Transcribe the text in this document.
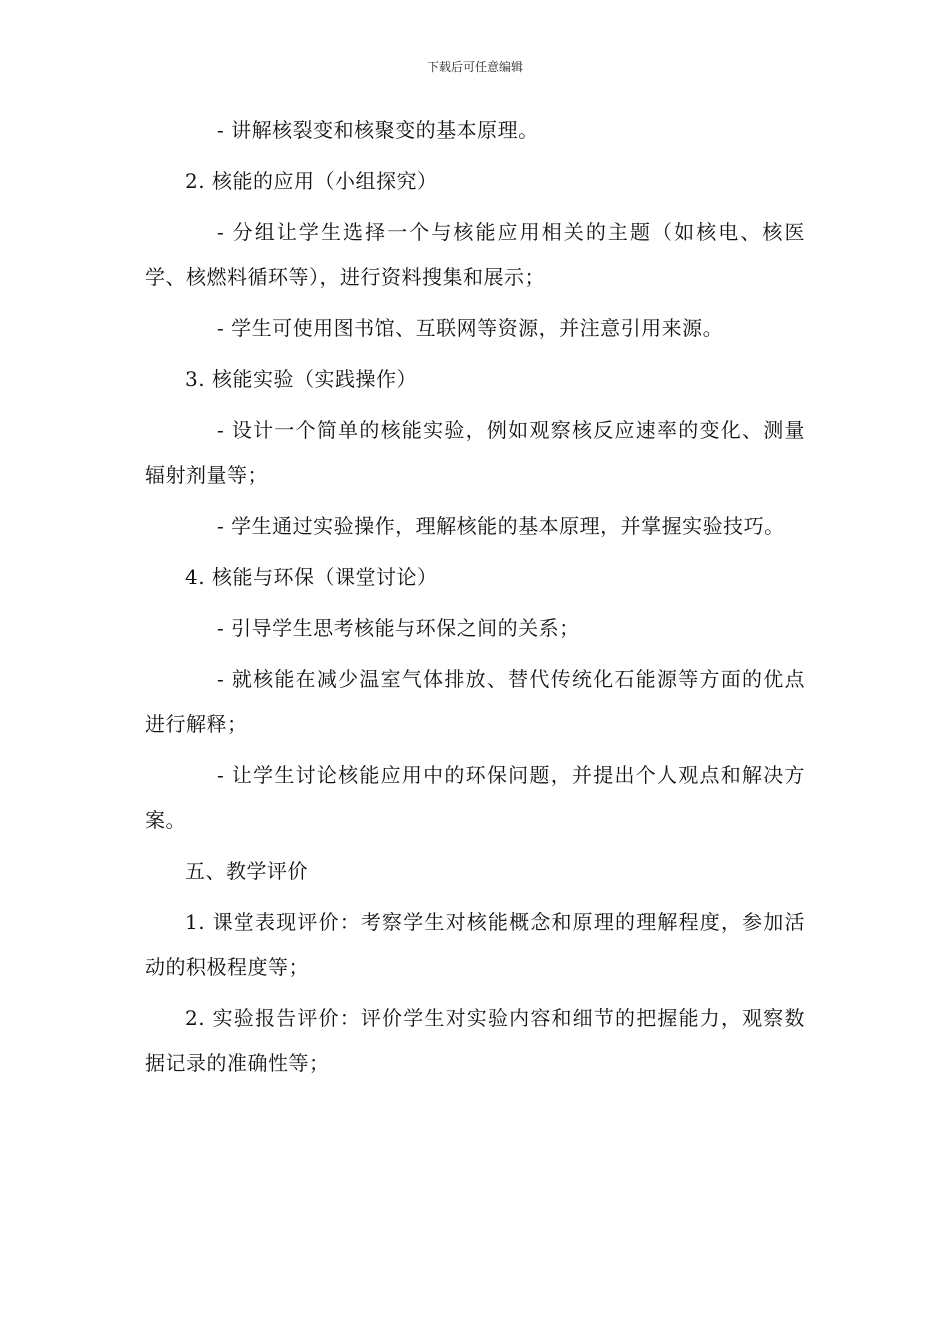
下载后可任意编辑

- 讲解核裂变和核聚变的基本原理。

2. 核能的应用（小组探究）

- 分组让学生选择一个与核能应用相关的主题（如核电、核医学、核燃料循环等），进行资料搜集和展示；

- 学生可使用图书馆、互联网等资源，并注意引用来源。

3. 核能实验（实践操作）

- 设计一个简单的核能实验，例如观察核反应速率的变化、测量辐射剂量等；

- 学生通过实验操作，理解核能的基本原理，并掌握实验技巧。

4. 核能与环保（课堂讨论）

- 引导学生思考核能与环保之间的关系；

- 就核能在减少温室气体排放、替代传统化石能源等方面的优点进行解释；

- 让学生讨论核能应用中的环保问题，并提出个人观点和解决方案。

五、教学评价

1. 课堂表现评价：考察学生对核能概念和原理的理解程度，参加活动的积极程度等；

2. 实验报告评价：评价学生对实验内容和细节的把握能力，观察数据记录的准确性等；
